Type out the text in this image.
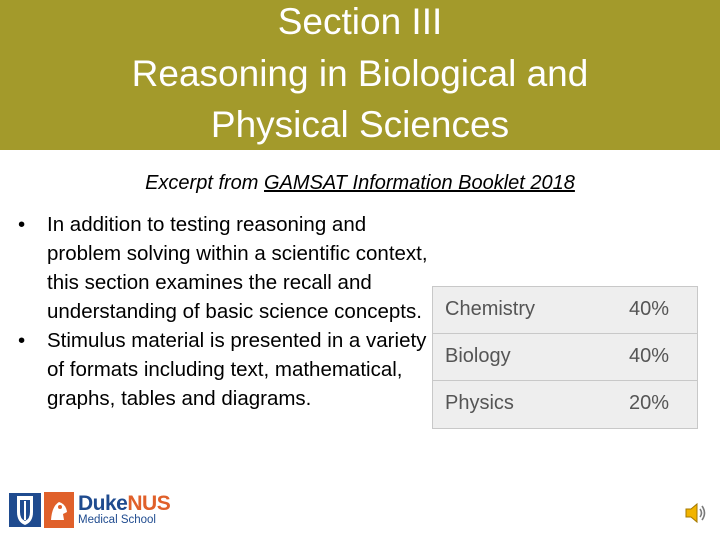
Section III
Reasoning in Biological and
Physical Sciences
Excerpt from GAMSAT Information Booklet 2018
• In addition to testing reasoning and problem solving within a scientific context, this section examines the recall and understanding of basic science concepts.
• Stimulus material is presented in a variety of formats including text, mathematical, graphs, tables and diagrams.
Chemistry	40%
Biology	40%
Physics	20%
DukeNUS
Medical School
